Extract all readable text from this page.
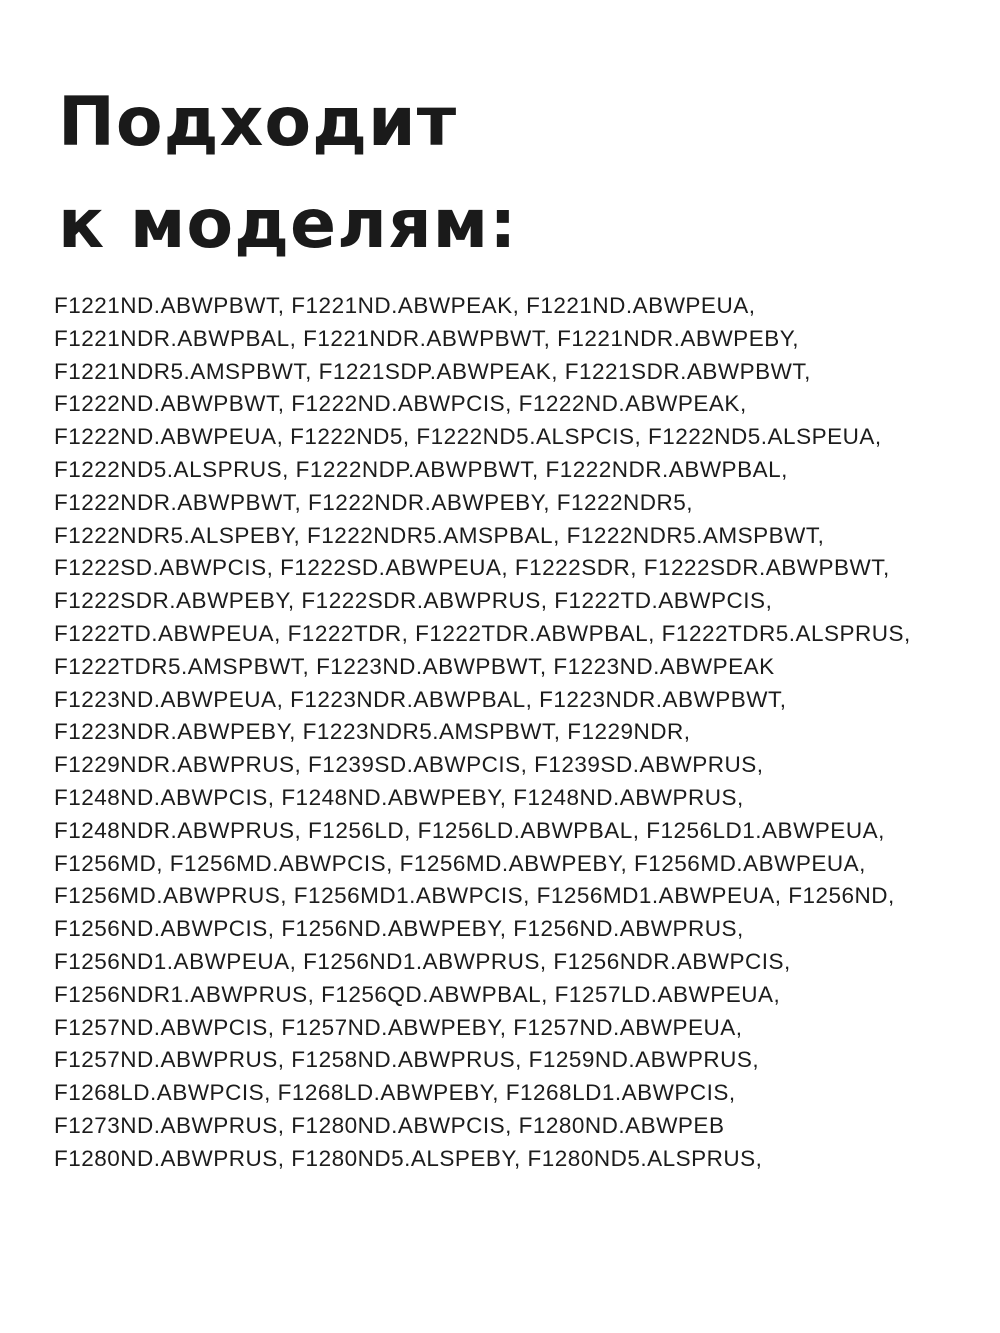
Подходит
к моделям:
F1221ND.ABWPBWT, F1221ND.ABWPEAK, F1221ND.ABWPEUA,
F1221NDR.ABWPBAL, F1221NDR.ABWPBWT, F1221NDR.ABWPEBY,
F1221NDR5.AMSPBWT, F1221SDP.ABWPEAK, F1221SDR.ABWPBWT,
F1222ND.ABWPBWT, F1222ND.ABWPCIS, F1222ND.ABWPEAK,
F1222ND.ABWPEUA, F1222ND5, F1222ND5.ALSPCIS, F1222ND5.ALSPEUA,
F1222ND5.ALSPRUS, F1222NDP.ABWPBWT, F1222NDR.ABWPBAL,
F1222NDR.ABWPBWT, F1222NDR.ABWPEBY, F1222NDR5,
F1222NDR5.ALSPEBY, F1222NDR5.AMSPBAL, F1222NDR5.AMSPBWT,
F1222SD.ABWPCIS, F1222SD.ABWPEUA, F1222SDR, F1222SDR.ABWPBWT,
F1222SDR.ABWPEBY, F1222SDR.ABWPRUS, F1222TD.ABWPCIS,
F1222TD.ABWPEUA, F1222TDR, F1222TDR.ABWPBAL, F1222TDR5.ALSPRUS,
F1222TDR5.AMSPBWT, F1223ND.ABWPBWT, F1223ND.ABWPEAK
F1223ND.ABWPEUA, F1223NDR.ABWPBAL, F1223NDR.ABWPBWT,
F1223NDR.ABWPEBY, F1223NDR5.AMSPBWT, F1229NDR,
F1229NDR.ABWPRUS, F1239SD.ABWPCIS, F1239SD.ABWPRUS,
F1248ND.ABWPCIS, F1248ND.ABWPEBY, F1248ND.ABWPRUS,
F1248NDR.ABWPRUS, F1256LD, F1256LD.ABWPBAL, F1256LD1.ABWPEUA,
F1256MD, F1256MD.ABWPCIS, F1256MD.ABWPEBY, F1256MD.ABWPEUA,
F1256MD.ABWPRUS, F1256MD1.ABWPCIS, F1256MD1.ABWPEUA, F1256ND,
F1256ND.ABWPCIS, F1256ND.ABWPEBY, F1256ND.ABWPRUS,
F1256ND1.ABWPEUA, F1256ND1.ABWPRUS, F1256NDR.ABWPCIS,
F1256NDR1.ABWPRUS, F1256QD.ABWPBAL, F1257LD.ABWPEUA,
F1257ND.ABWPCIS, F1257ND.ABWPEBY, F1257ND.ABWPEUA,
F1257ND.ABWPRUS, F1258ND.ABWPRUS, F1259ND.ABWPRUS,
F1268LD.ABWPCIS, F1268LD.ABWPEBY, F1268LD1.ABWPCIS,
F1273ND.ABWPRUS, F1280ND.ABWPCIS, F1280ND.ABWPEB
F1280ND.ABWPRUS, F1280ND5.ALSPEBY, F1280ND5.ALSPRUS,
